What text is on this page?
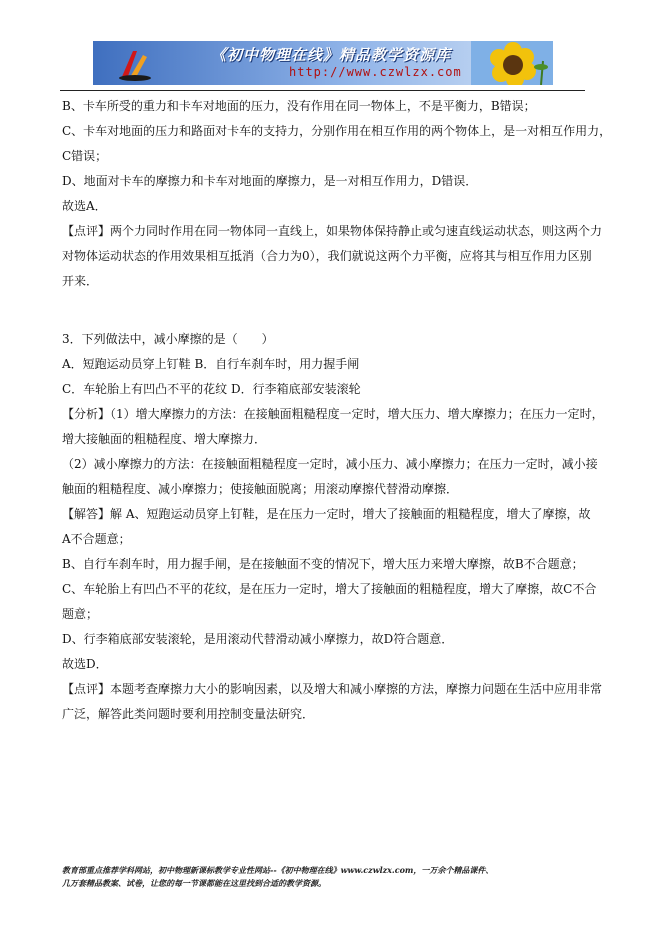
《初中物理在线》精品教学资源库
http://www.czwlzx.com
B、卡车所受的重力和卡车对地面的压力，没有作用在同一物体上，不是平衡力，B错误；
C、卡车对地面的压力和路面对卡车的支持力，分别作用在相互作用的两个物体上，是一对相互作用力，
C错误；
D、地面对卡车的摩擦力和卡车对地面的摩擦力，是一对相互作用力，D错误．
故选A．
【点评】两个力同时作用在同一物体同一直线上，如果物体保持静止或匀速直线运动状态，则这两个力
对物体运动状态的作用效果相互抵消（合力为0），我们就说这两个力平衡，应将其与相互作用力区别
开来．
3．下列做法中，减小摩擦的是（　　）
A．短跑运动员穿上钉鞋 B．自行车刹车时，用力握手闸
C．车轮胎上有凹凸不平的花纹 D．行李箱底部安装滚轮
【分析】（1）增大摩擦力的方法：在接触面粗糙程度一定时，增大压力、增大摩擦力；在压力一定时，
增大接触面的粗糙程度、增大摩擦力．
（2）减小摩擦力的方法：在接触面粗糙程度一定时，减小压力、减小摩擦力；在压力一定时，减小接
触面的粗糙程度、减小摩擦力；使接触面脱离；用滚动摩擦代替滑动摩擦．
【解答】解 A、短跑运动员穿上钉鞋，是在压力一定时，增大了接触面的粗糙程度，增大了摩擦，故
A不合题意；
B、自行车刹车时，用力握手闸，是在接触面不变的情况下，增大压力来增大摩擦，故B不合题意；
C、车轮胎上有凹凸不平的花纹，是在压力一定时，增大了接触面的粗糙程度，增大了摩擦，故C不合
题意；
D、行李箱底部安装滚轮，是用滚动代替滑动减小摩擦力，故D符合题意．
故选D．
【点评】本题考查摩擦力大小的影响因素，以及增大和减小摩擦的方法，摩擦力问题在生活中应用非常
广泛，解答此类问题时要利用控制变量法研究．
教育部重点推荐学科网站，初中物理新课标教学专业性网站--《初中物理在线》www.czwlzx.com，一万余个精品课件、
几万套精品教案、试卷，让您的每一节课都能在这里找到合适的教学资源。
